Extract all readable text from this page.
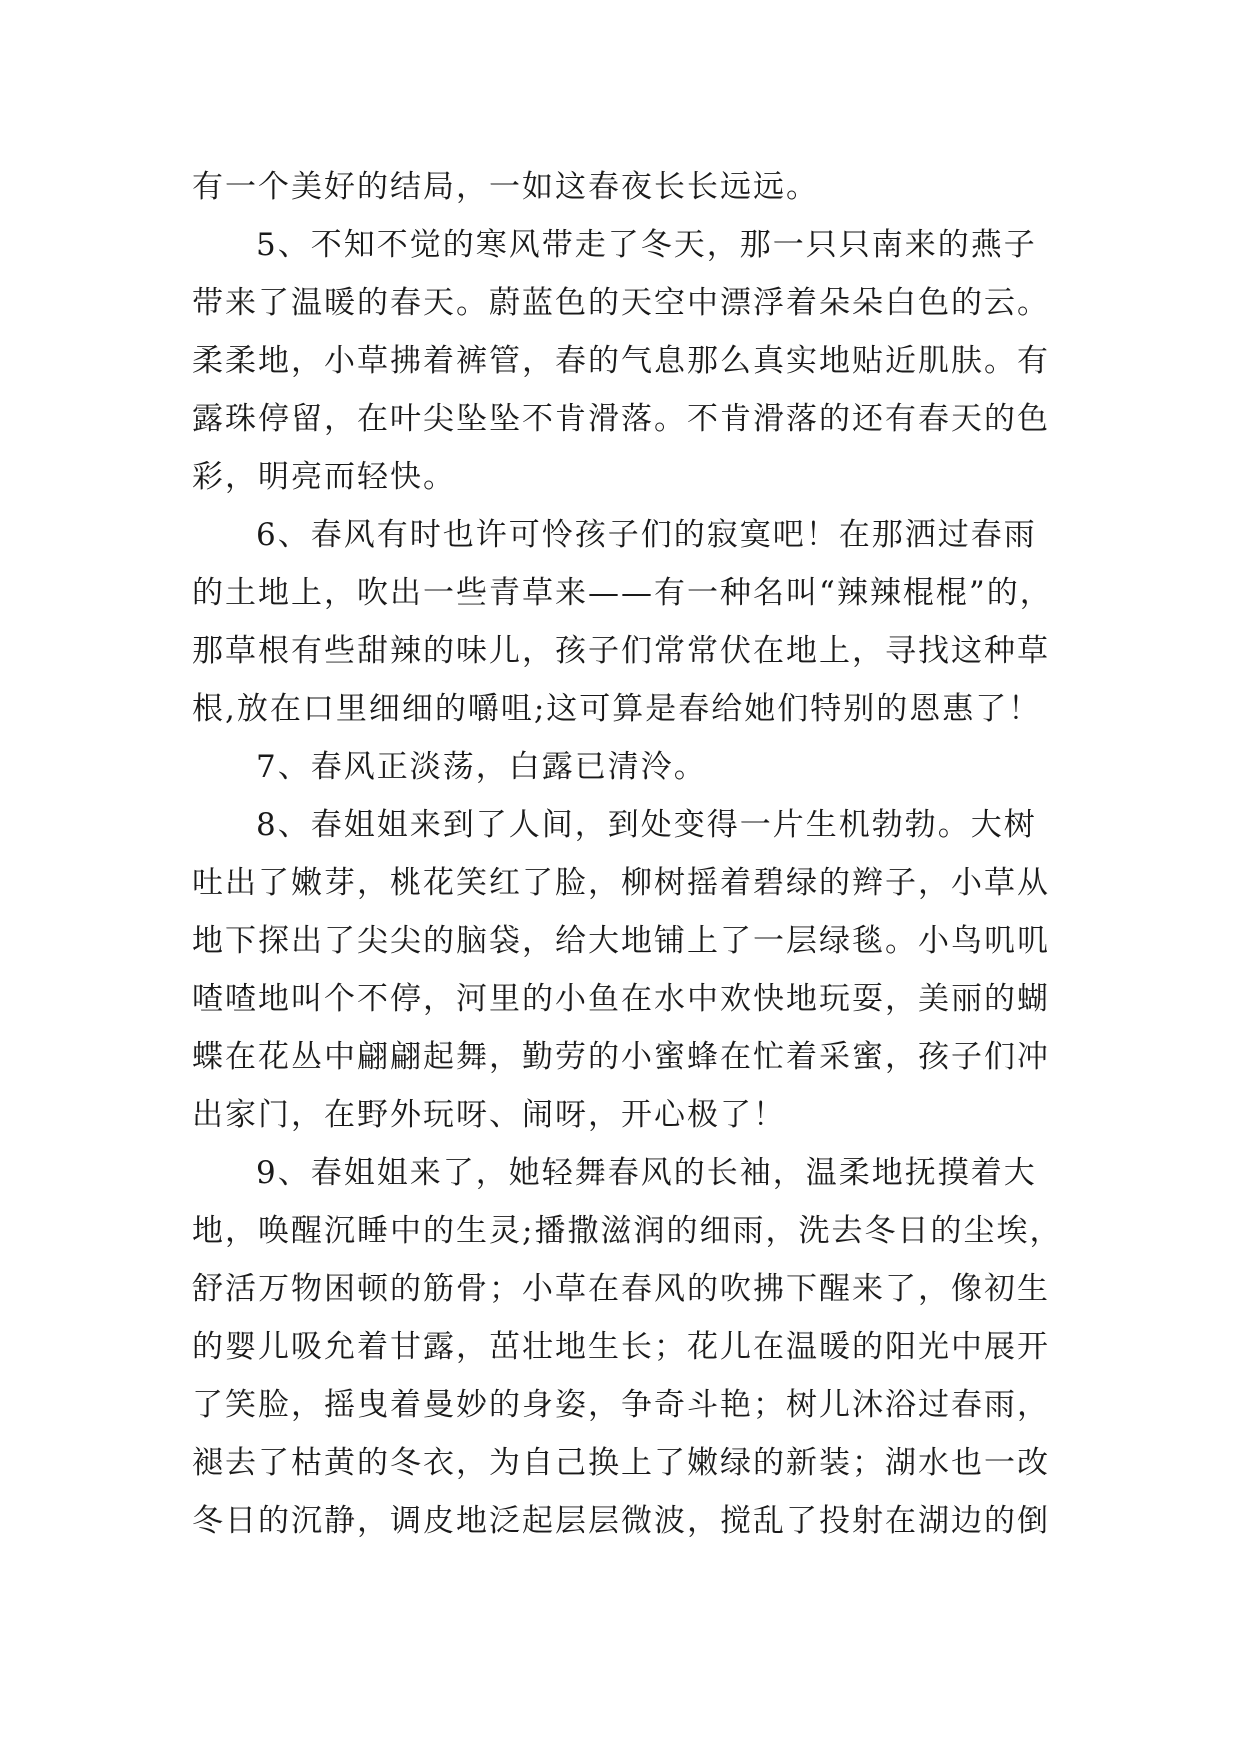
有一个美好的结局，一如这春夜长长远远。
5、不知不觉的寒风带走了冬天，那一只只南来的燕子
带来了温暖的春天。蔚蓝色的天空中漂浮着朵朵白色的云。
柔柔地，小草拂着裤管，春的气息那么真实地贴近肌肤。有
露珠停留，在叶尖坠坠不肯滑落。不肯滑落的还有春天的色
彩，明亮而轻快。
6、春风有时也许可怜孩子们的寂寞吧！在那洒过春雨
的土地上，吹出一些青草来——有一种名叫“辣辣棍棍”的，
那草根有些甜辣的味儿，孩子们常常伏在地上，寻找这种草
根,放在口里细细的嚼咀;这可算是春给她们特别的恩惠了！
7、春风正淡荡，白露已清泠。
8、春姐姐来到了人间，到处变得一片生机勃勃。大树
吐出了嫩芽，桃花笑红了脸，柳树摇着碧绿的辫子，小草从
地下探出了尖尖的脑袋，给大地铺上了一层绿毯。小鸟叽叽
喳喳地叫个不停，河里的小鱼在水中欢快地玩耍，美丽的蝴
蝶在花丛中翩翩起舞，勤劳的小蜜蜂在忙着采蜜，孩子们冲
出家门，在野外玩呀、闹呀，开心极了！
9、春姐姐来了，她轻舞春风的长袖，温柔地抚摸着大
地，唤醒沉睡中的生灵;播撒滋润的细雨，洗去冬日的尘埃，
舒活万物困顿的筋骨；小草在春风的吹拂下醒来了，像初生
的婴儿吸允着甘露，茁壮地生长；花儿在温暖的阳光中展开
了笑脸，摇曳着曼妙的身姿，争奇斗艳；树儿沐浴过春雨，
褪去了枯黄的冬衣，为自己换上了嫩绿的新装；湖水也一改
冬日的沉静，调皮地泛起层层微波，搅乱了投射在湖边的倒
